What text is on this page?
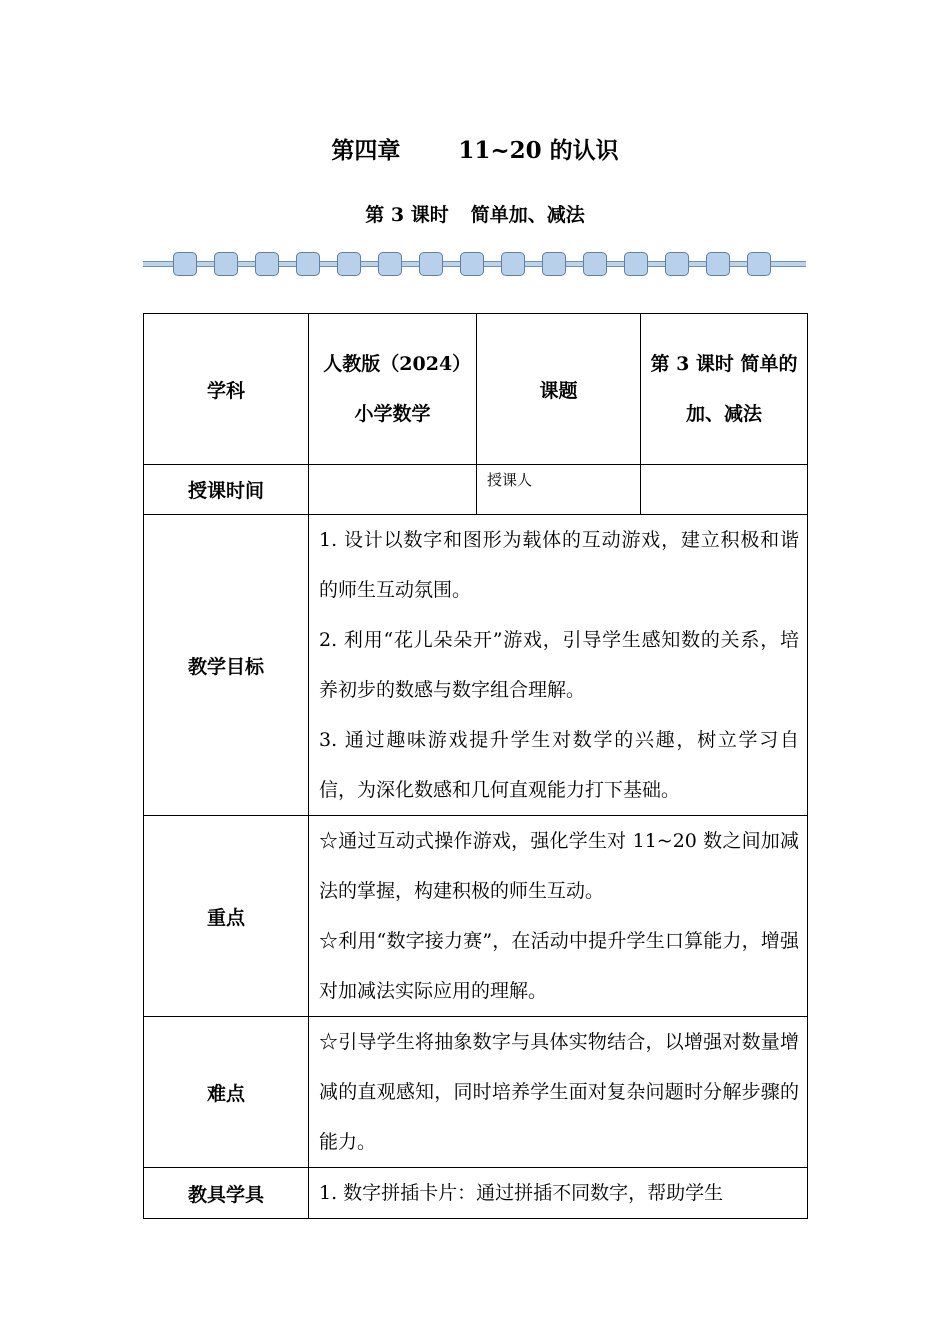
第四章	11~20 的认识
第 3 课时 简单加、减法
学科	人教版（2024）小学数学	课题	第 3 课时 简单的加、减法
授课时间		授课人	
教学目标	1. 设计以数字和图形为载体的互动游戏，建立积极和谐的师生互动氛围。

2. 利用“花儿朵朵开”游戏，引导学生感知数的关系，培养初步的数感与数字组合理解。

3. 通过趣味游戏提升学生对数学的兴趣，树立学习自信，为深化数感和几何直观能力打下基础。		

重点	☆通过互动式操作游戏，强化学生对 11~20 数之间加减法的掌握，构建积极的师生互动。

☆利用“数字接力赛”，在活动中提升学生口算能力，增强对加减法实际应用的理解。		

难点	☆引导学生将抽象数字与具体实物结合，以增强对数量增减的直观感知，同时培养学生面对复杂问题时分解步骤的能力。		

教具学具	1. 数字拼插卡片：通过拼插不同数字，帮助学生		
